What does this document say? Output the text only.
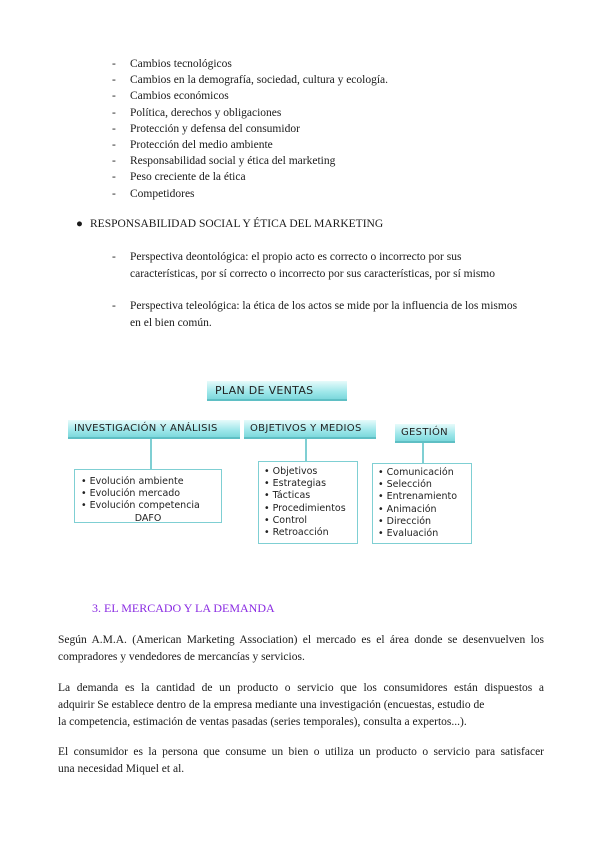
- Cambios tecnológicos
- Cambios en la demografía, sociedad, cultura y ecología.
- Cambios económicos
- Política, derechos y obligaciones
- Protección y defensa del consumidor
- Protección del medio ambiente
- Responsabilidad social y ética del marketing
- Peso creciente de la ética
- Competidores
● RESPONSABILIDAD SOCIAL Y ÉTICA DEL MARKETING
-	Perspectiva deontológica: el propio acto es correcto o incorrecto por sus
características, por sí correcto o incorrecto por sus características, por sí mismo
-	Perspectiva teleológica: la ética de los actos se mide por la influencia de los mismos
en el bien común.
PLAN DE VENTAS
INVESTIGACIÓN Y ANÁLISIS	OBJETIVOS Y MEDIOS	GESTIÓN
• Evolución ambiente
• Evolución mercado
• Evolución competencia
DAFO
• Objetivos
• Estrategias
• Tácticas
• Procedimientos
• Control
• Retroacción
• Comunicación
• Selección
• Entrenamiento
• Animación
• Dirección
• Evaluación
3. EL MERCADO Y LA DEMANDA
Según A.M.A. (American Marketing Association) el mercado es el área donde se desenvuelven los
compradores y vendedores de mercancías y servicios.
La demanda es la cantidad de un producto o servicio que los consumidores están dispuestos a
adquirir Se establece dentro de la empresa mediante una investigación (encuestas, estudio de
la competencia, estimación de ventas pasadas (series temporales), consulta a expertos...).
El consumidor es la persona que consume un bien o utiliza un producto o servicio para satisfacer
una necesidad Miquel et al.
